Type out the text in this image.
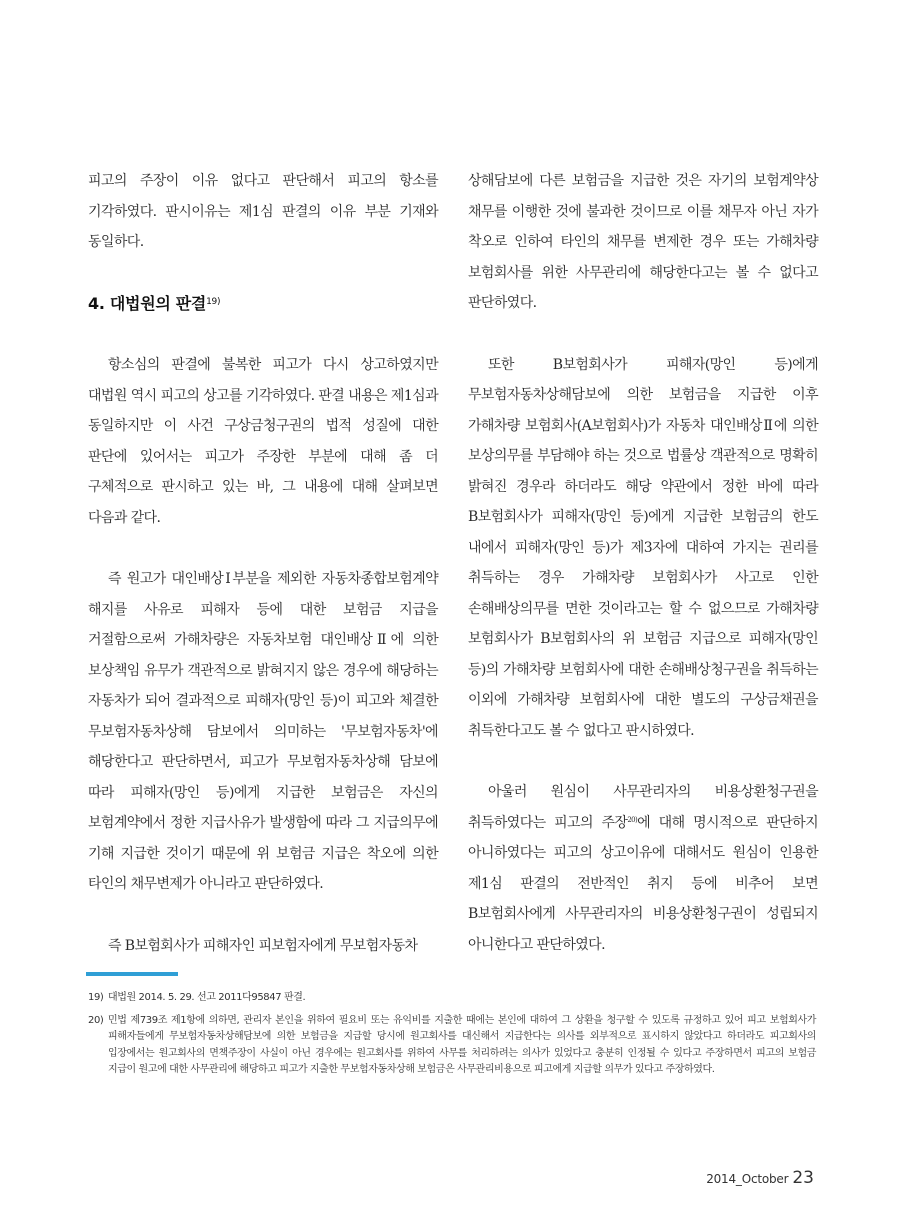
피고의 주장이 이유 없다고 판단해서 피고의 항소를 기각하였다. 판시이유는 제1심 판결의 이유 부분 기재와 동일하다.

4. 대법원의 판결$^{19)}$

항소심의 판결에 불복한 피고가 다시 상고하였지만 대법원 역시 피고의 상고를 기각하였다. 판결 내용은 제1심과 동일하지만 이 사건 구상금청구권의 법적 성질에 대한 판단에 있어서는 피고가 주장한 부분에 대해 좀 더 구체적으로 판시하고 있는 바, 그 내용에 대해 살펴보면 다음과 같다.

즉 원고가 대인배상Ⅰ부분을 제외한 자동차종합보험계약 해지를 사유로 피해자 등에 대한 보험금 지급을 거절함으로써 가해차량은 자동차보험 대인배상Ⅱ에 의한 보상책임 유무가 객관적으로 밝혀지지 않은 경우에 해당하는 자동차가 되어 결과적으로 피해자(망인 등)이 피고와 체결한 무보험자동차상해 담보에서 의미하는 '무보험자동차'에 해당한다고 판단하면서, 피고가 무보험자동차상해 담보에 따라 피해자(망인 등)에게 지급한 보험금은 자신의 보험계약에서 정한 지급사유가 발생함에 따라 그 지급의무에 기해 지급한 것이기 때문에 위 보험금 지급은 착오에 의한 타인의 채무변제가 아니라고 판단하였다.

즉 B보험회사가 피해자인 피보험자에게 무보험자동차

상해담보에 다른 보험금을 지급한 것은 자기의 보험계약상 채무를 이행한 것에 불과한 것이므로 이를 채무자 아닌 자가 착오로 인하여 타인의 채무를 변제한 경우 또는 가해차량 보험회사를 위한 사무관리에 해당한다고는 볼 수 없다고 판단하였다.

또한 B보험회사가 피해자(망인 등)에게 무보험자동차상해담보에 의한 보험금을 지급한 이후 가해차량 보험회사(A보험회사)가 자동차 대인배상Ⅱ에 의한 보상의무를 부담해야 하는 것으로 법률상 객관적으로 명확히 밝혀진 경우라 하더라도 해당 약관에서 정한 바에 따라 B보험회사가 피해자(망인 등)에게 지급한 보험금의 한도 내에서 피해자(망인 등)가 제3자에 대하여 가지는 권리를 취득하는 경우 가해차량 보험회사가 사고로 인한 손해배상의무를 면한 것이라고는 할 수 없으므로 가해차량 보험회사가 B보험회사의 위 보험금 지급으로 피해자(망인 등)의 가해차량 보험회사에 대한 손해배상청구권을 취득하는 이외에 가해차량 보험회사에 대한 별도의 구상금채권을 취득한다고도 볼 수 없다고 판시하였다.

아울러 원심이 사무관리자의 비용상환청구권을 취득하였다는 피고의 주장$^{20)}$에 대해 명시적으로 판단하지 아니하였다는 피고의 상고이유에 대해서도 원심이 인용한 제1심 판결의 전반적인 취지 등에 비추어 보면 B보험회사에게 사무관리자의 비용상환청구권이 성립되지 아니한다고 판단하였다.

19) 대법원 2014. 5. 29. 선고 2011다95847 판결.
20) 민법 제739조 제1항에 의하면, 관리자 본인을 위하여 필요비 또는 유익비를 지출한 때에는 본인에 대하여 그 상환을 청구할 수 있도록 규정하고 있어 피고 보험회사가 피해자들에게 무보험자동차상해담보에 의한 보험금을 지급할 당시에 원고회사를 대신해서 지급한다는 의사를 외부적으로 표시하지 않았다고 하더라도 피고회사의 입장에서는 원고회사의 면책주장이 사실이 아닌 경우에는 원고회사를 위하여 사무를 처리하려는 의사가 있었다고 충분히 인정될 수 있다고 주장하면서 피고의 보험금 지급이 원고에 대한 사무관리에 해당하고 피고가 지출한 무보험자동차상해 보험금은 사무관리비용으로 피고에게 지급할 의무가 있다고 주장하였다.
2014_October 23
